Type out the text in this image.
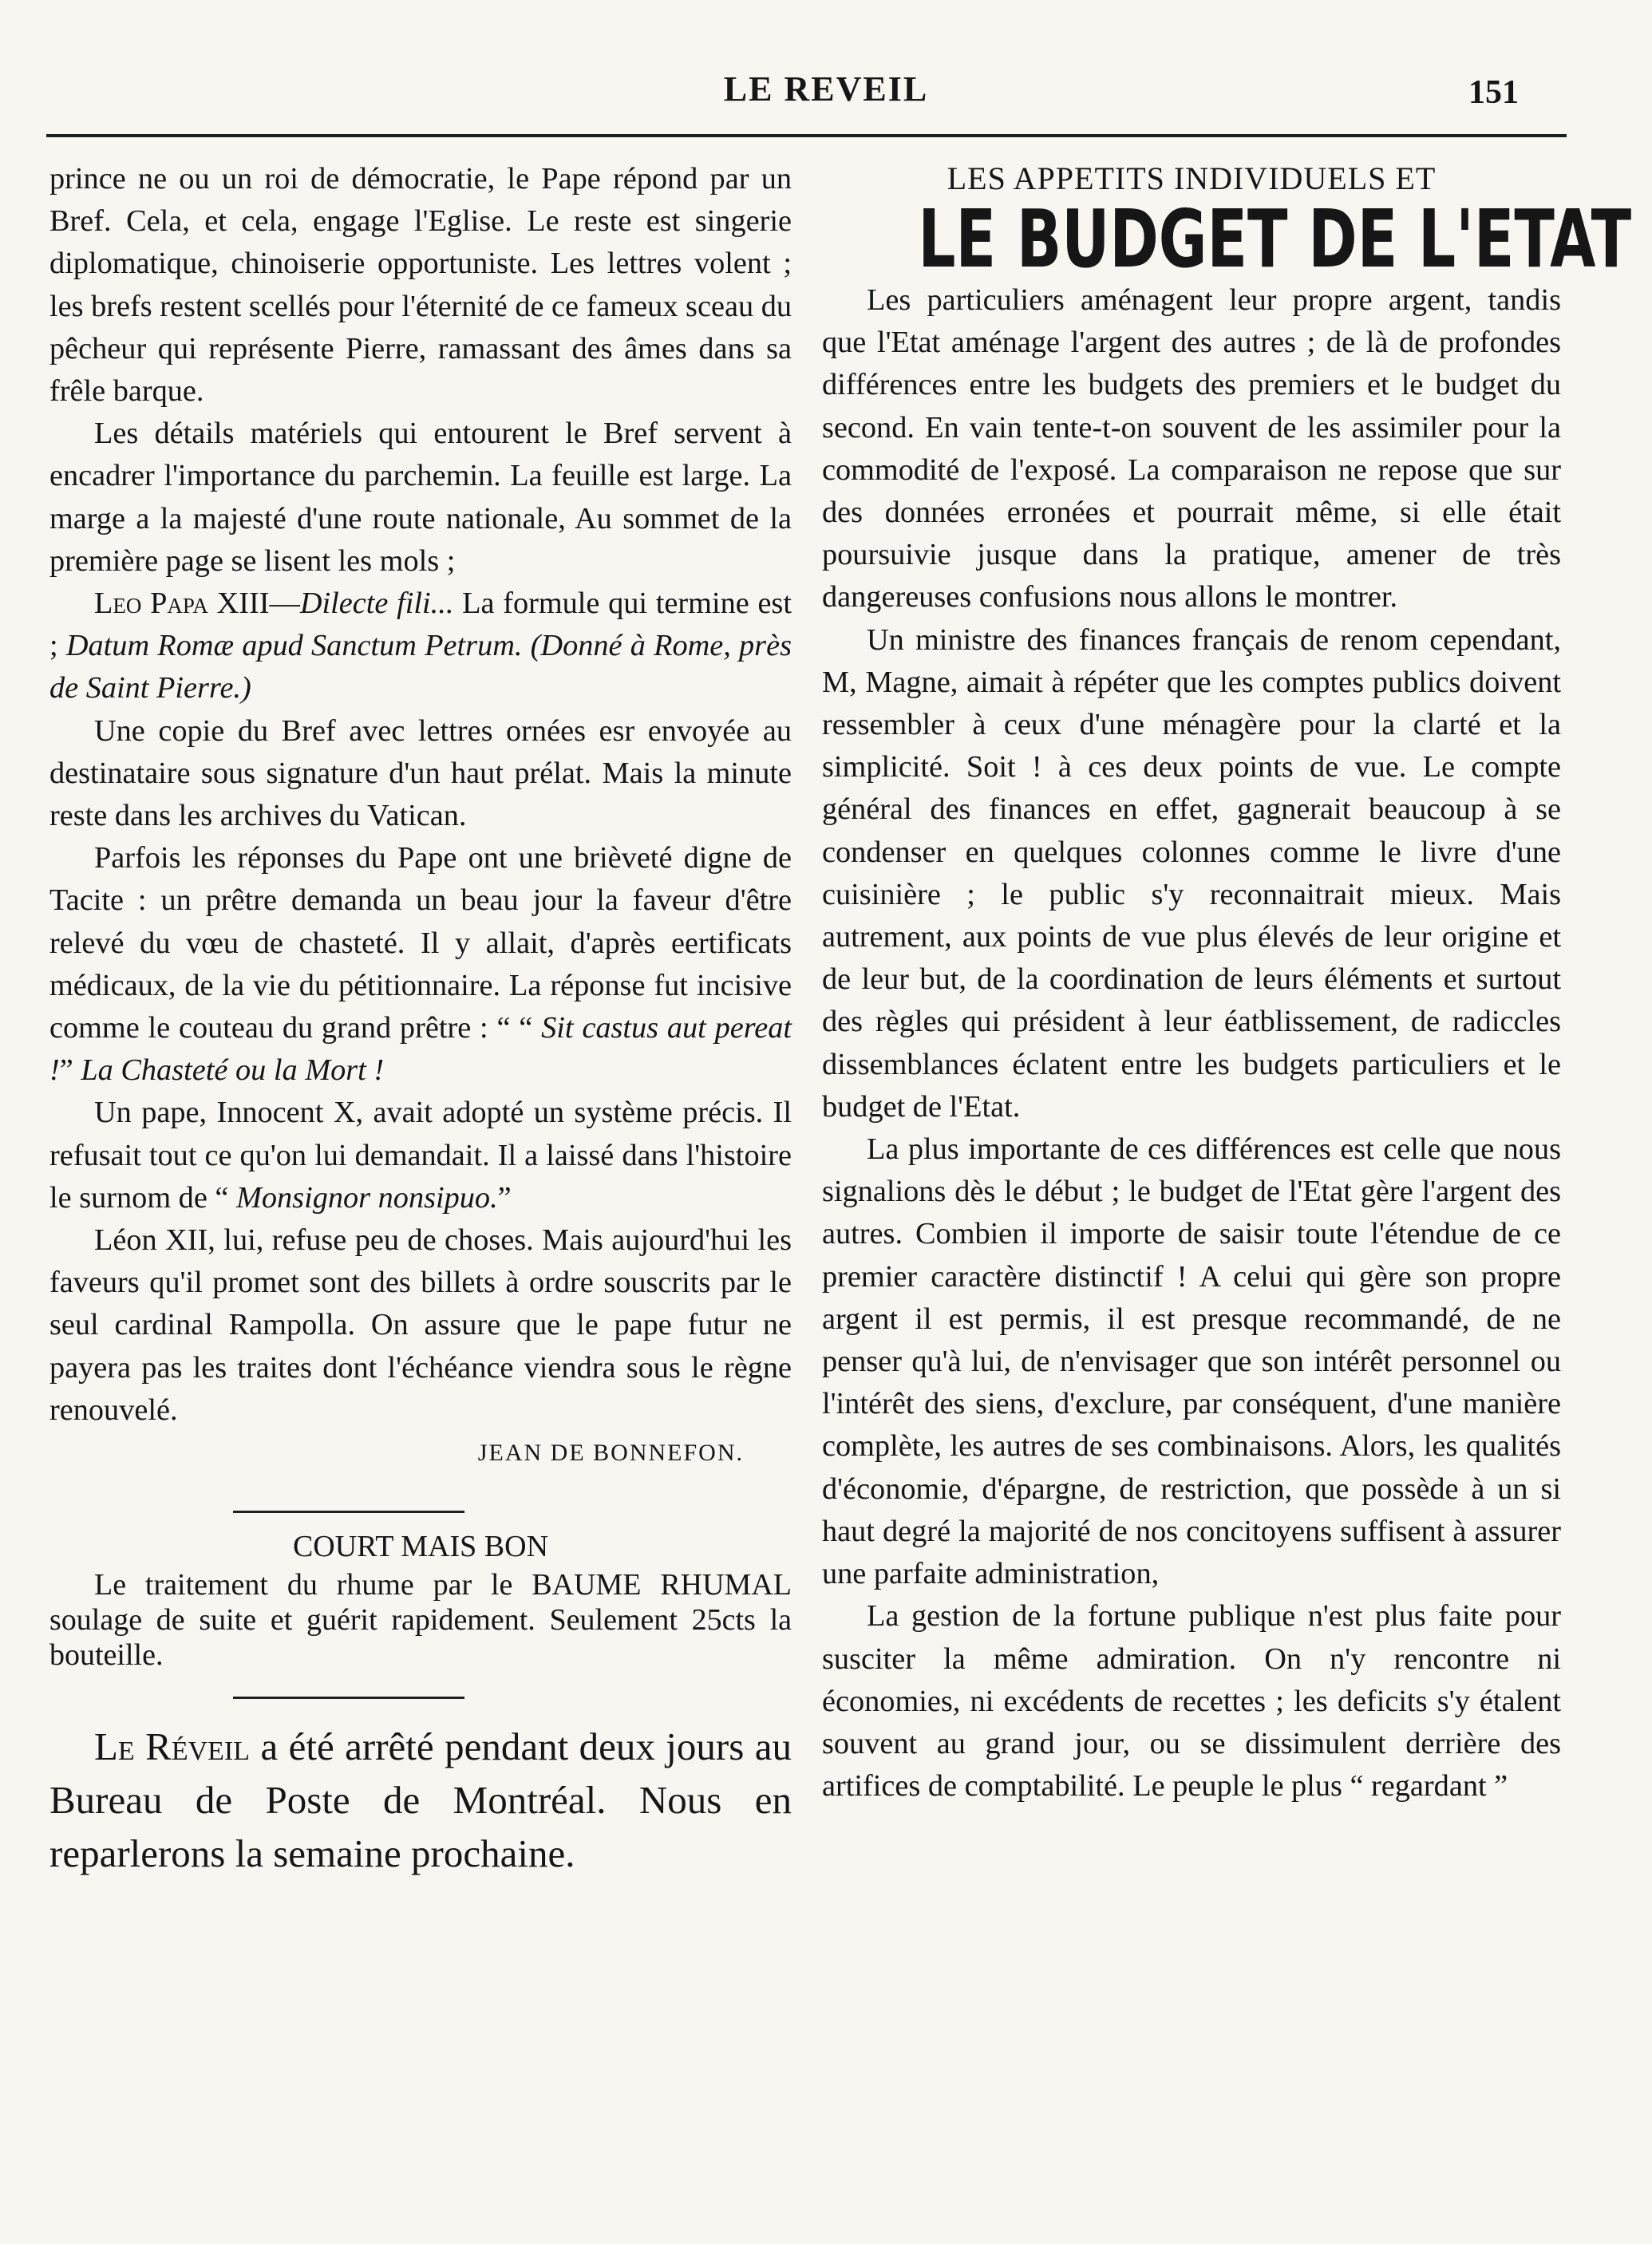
LE REVEIL	151

prince ne ou un roi de démocratie, le Pape répond par un Bref. Cela, et cela, engage l'Eglise. Le reste est singerie diplomatique, chinoiserie opportuniste. Les lettres volent ; les brefs restent scellés pour l'éternité de ce fameux sceau du pêcheur qui représente Pierre, ramassant des âmes dans sa frêle barque.

Les détails matériels qui entourent le Bref servent à encadrer l'importance du parchemin. La feuille est large. La marge a la majesté d'une route nationale, Au sommet de la première page se lisent les mols ;

Leo Papa XIII—Dilecte fili... La formule qui termine est ; Datum Romæ apud Sanctum Petrum. (Donné à Rome, près de Saint Pierre.)

Une copie du Bref avec lettres ornées esr envoyée au destinataire sous signature d'un haut prélat. Mais la minute reste dans les archives du Vatican.

Parfois les réponses du Pape ont une brièveté digne de Tacite : un prêtre demanda un beau jour la faveur d'être relevé du vœu de chasteté. Il y allait, d'après eertificats médicaux, de la vie du pétitionnaire. La réponse fut incisive comme le couteau du grand prêtre : “ “ Sit castus aut pereat !” La Chasteté ou la Mort !

Un pape, Innocent X, avait adopté un système précis. Il refusait tout ce qu'on lui demandait. Il a laissé dans l'histoire le surnom de “ Monsignor nonsipuo.”

Léon XII, lui, refuse peu de choses. Mais aujourd'hui les faveurs qu'il promet sont des billets à ordre souscrits par le seul cardinal Rampolla. On assure que le pape futur ne payera pas les traites dont l'échéance viendra sous le règne renouvelé.

JEAN DE BONNEFON.

COURT MAIS BON

Le traitement du rhume par le BAUME RHUMAL soulage de suite et guérit rapidement. Seulement 25cts la bouteille.

Le Réveil a été arrêté pendant deux jours au Bureau de Poste de Montréal. Nous en reparlerons la semaine prochaine.

LES APPETITS INDIVIDUELS ET
LE BUDGET DE L'ETAT

Les particuliers aménagent leur propre argent, tandis que l'Etat aménage l'argent des autres ; de là de profondes différences entre les budgets des premiers et le budget du second. En vain tente-t-on souvent de les assimiler pour la commodité de l'exposé. La comparaison ne repose que sur des données erronées et pourrait même, si elle était poursuivie jusque dans la pratique, amener de très dangereuses confusions nous allons le montrer.

Un ministre des finances français de renom cependant, M, Magne, aimait à répéter que les comptes publics doivent ressembler à ceux d'une ménagère pour la clarté et la simplicité. Soit ! à ces deux points de vue. Le compte général des finances en effet, gagnerait beaucoup à se condenser en quelques colonnes comme le livre d'une cuisinière ; le public s'y reconnaitrait mieux. Mais autrement, aux points de vue plus élevés de leur origine et de leur but, de la coordination de leurs éléments et surtout des règles qui président à leur éatblissement, de radiccles dissemblances éclatent entre les budgets particuliers et le budget de l'Etat.

La plus importante de ces différences est celle que nous signalions dès le début ; le budget de l'Etat gère l'argent des autres. Combien il importe de saisir toute l'étendue de ce premier caractère distinctif ! A celui qui gère son propre argent il est permis, il est presque recommandé, de ne penser qu'à lui, de n'envisager que son intérêt personnel ou l'intérêt des siens, d'exclure, par conséquent, d'une manière complète, les autres de ses combinaisons. Alors, les qualités d'économie, d'épargne, de restriction, que possède à un si haut degré la majorité de nos concitoyens suffisent à assurer une parfaite administration,

La gestion de la fortune publique n'est plus faite pour susciter la même admiration. On n'y rencontre ni économies, ni excédents de recettes ; les deficits s'y étalent souvent au grand jour, ou se dissimulent derrière des artifices de comptabilité. Le peuple le plus “ regardant ”
